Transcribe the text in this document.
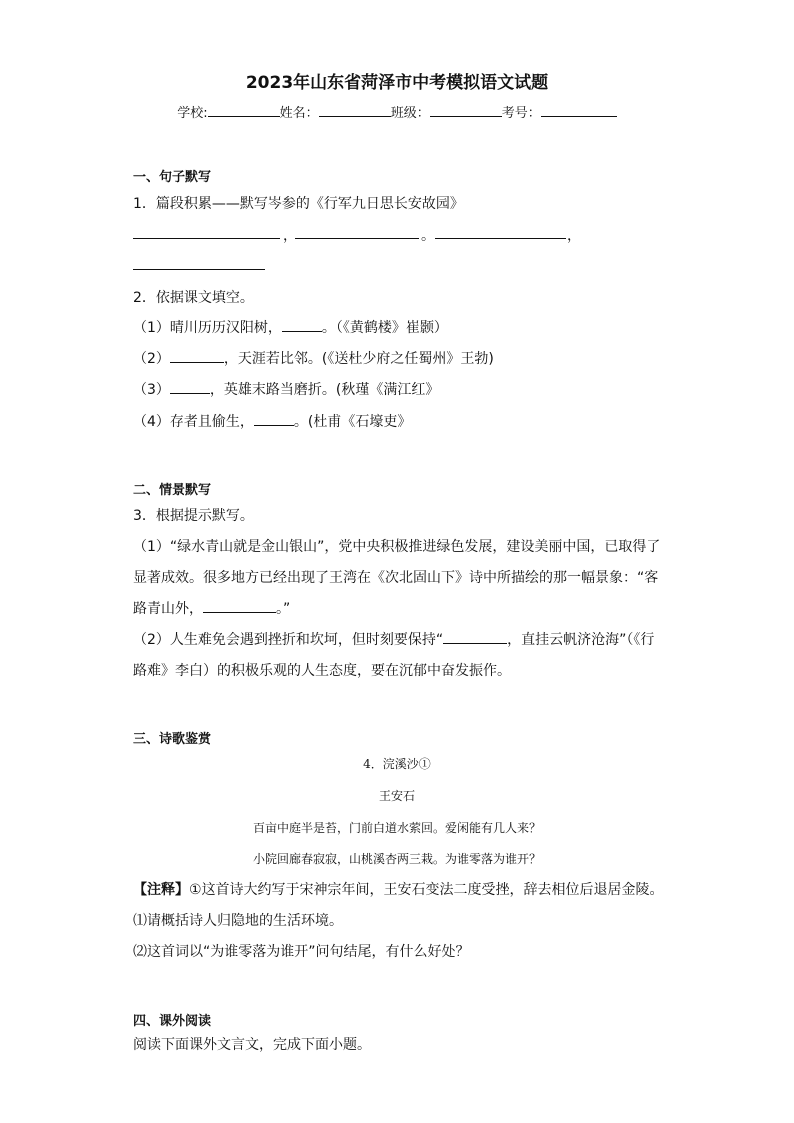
2023年山东省菏泽市中考模拟语文试题
学校:	姓名：	班级：	考号：
一、句子默写
1．篇段积累——默写岑参的《行军九日思长安故园》
，	。	，
2．依据课文填空。
（1）晴川历历汉阳树，	。（《黄鹤楼》崔颢）
（2）	，天涯若比邻。(《送杜少府之任蜀州》王勃)
（3）	，英雄末路当磨折。(秋瑾《满江红》
（4）存者且偷生，	。(杜甫《石壕吏》
二、情景默写
3．根据提示默写。
（1）“绿水青山就是金山银山”，党中央积极推进绿色发展，建设美丽中国，已取得了
显著成效。很多地方已经出现了王湾在《次北固山下》诗中所描绘的那一幅景象：“客
路青山外，	。”
（2）人生难免会遇到挫折和坎坷，但时刻要保持“	，直挂云帆济沧海”（《行
路难》李白）的积极乐观的人生态度，要在沉郁中奋发振作。
三、诗歌鉴赏
4．浣溪沙①
王安石
百亩中庭半是苔，门前白道水萦回。爱闲能有几人来？
小院回廊春寂寂，山桃溪杏两三栽。为谁零落为谁开？
【注释】①这首诗大约写于宋神宗年间，王安石变法二度受挫，辞去相位后退居金陵。
⑴请概括诗人归隐地的生活环境。
⑵这首词以“为谁零落为谁开”问句结尾，有什么好处？
四、课外阅读
阅读下面课外文言文，完成下面小题。
